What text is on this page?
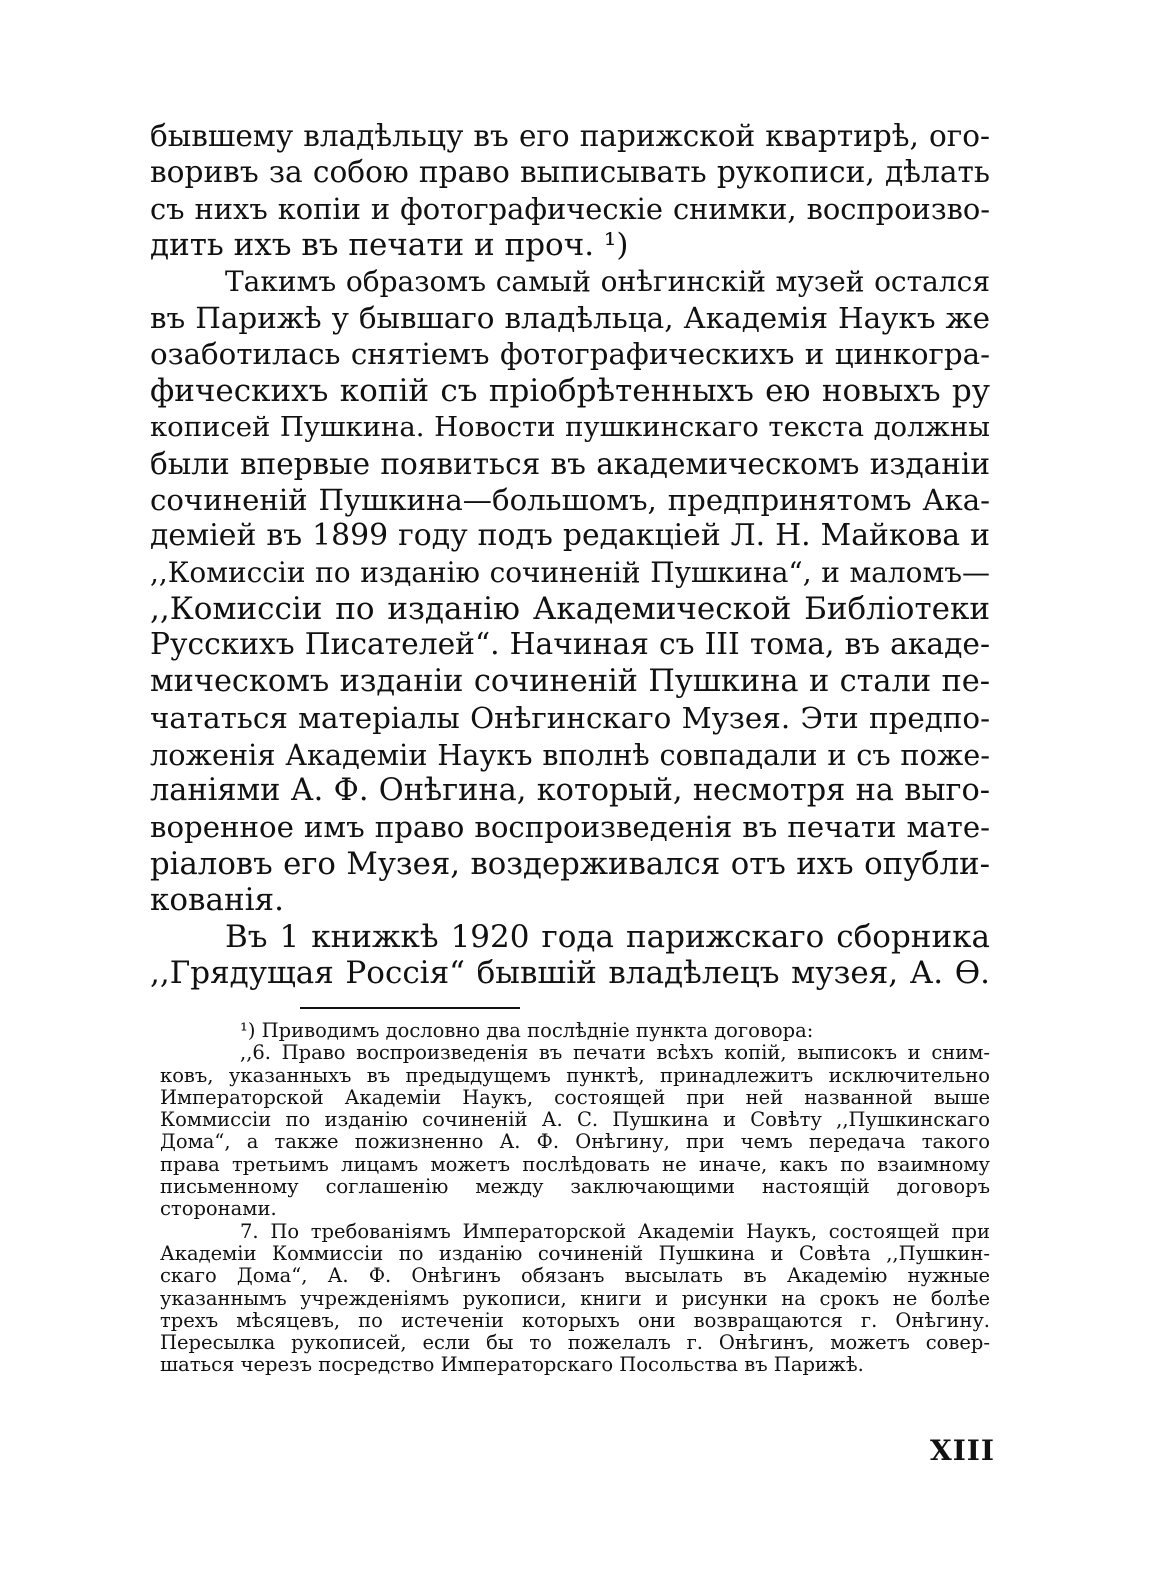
бывшему владѣльцу въ его парижской квартирѣ, ого-
воривъ за собою право выписывать рукописи, дѣлать
съ нихъ копіи и фотографическіе снимки, воспроизво-
дить ихъ въ печати и проч. ¹)
Такимъ образомъ самый онѣгинскій музей остался
въ Парижѣ у бывшаго владѣльца, Академія Наукъ же
озаботилась снятіемъ фотографическихъ и цинкогра-
фическихъ копій съ пріобрѣтенныхъ ею новыхъ ру
кописей Пушкина. Новости пушкинскаго текста должны
были впервые появиться въ академическомъ изданіи
сочиненій Пушкина—большомъ, предпринятомъ Ака-
деміей въ 1899 году подъ редакціей Л. Н. Майкова и
,,Комиссіи по изданію сочиненій Пушкина“, и маломъ—
,,Комиссіи по изданію Академической Библіотеки
Русскихъ Писателей“. Начиная съ III тома, въ акаде-
мическомъ изданіи сочиненій Пушкина и стали пе-
чататься матеріалы Онѣгинскаго Музея. Эти предпо-
ложенія Академіи Наукъ вполнѣ совпадали и съ поже-
ланіями А. Ф. Онѣгина, который, несмотря на выго-
воренное имъ право воспроизведенія въ печати мате-
ріаловъ его Музея, воздерживался отъ ихъ опубли-
кованія.
Въ 1 книжкѣ 1920 года парижскаго сборника
,,Грядущая Россія“ бывшій владѣлецъ музея, А. Ѳ.
¹) Приводимъ дословно два послѣдніе пункта договора:
,,6. Право воспроизведенія въ печати всѣхъ копій, выписокъ и сним-
ковъ, указанныхъ въ предыдущемъ пунктѣ, принадлежитъ исключительно
Императорской Академіи Наукъ, состоящей при ней названной выше
Коммиссіи по изданію сочиненій А. С. Пушкина и Совѣту ,,Пушкинскаго
Дома“, а также пожизненно А. Ф. Онѣгину, при чемъ передача такого
права третьимъ лицамъ можетъ послѣдовать не иначе, какъ по взаимному
письменному соглашенію между заключающими настоящій договоръ
сторонами.
7. По требованіямъ Императорской Академіи Наукъ, состоящей при
Академіи Коммиссіи по изданію сочиненій Пушкина и Совѣта ,,Пушкин-
скаго Дома“, А. Ф. Онѣгинъ обязанъ высылать въ Академію нужные
указаннымъ учрежденіямъ рукописи, книги и рисунки на срокъ не болѣе
трехъ мѣсяцевъ, по истеченіи которыхъ они возвращаются г. Онѣгину.
Пересылка рукописей, если бы то пожелалъ г. Онѣгинъ, можетъ совер-
шаться черезъ посредство Императорскаго Посольства въ Парижѣ.
XIII
